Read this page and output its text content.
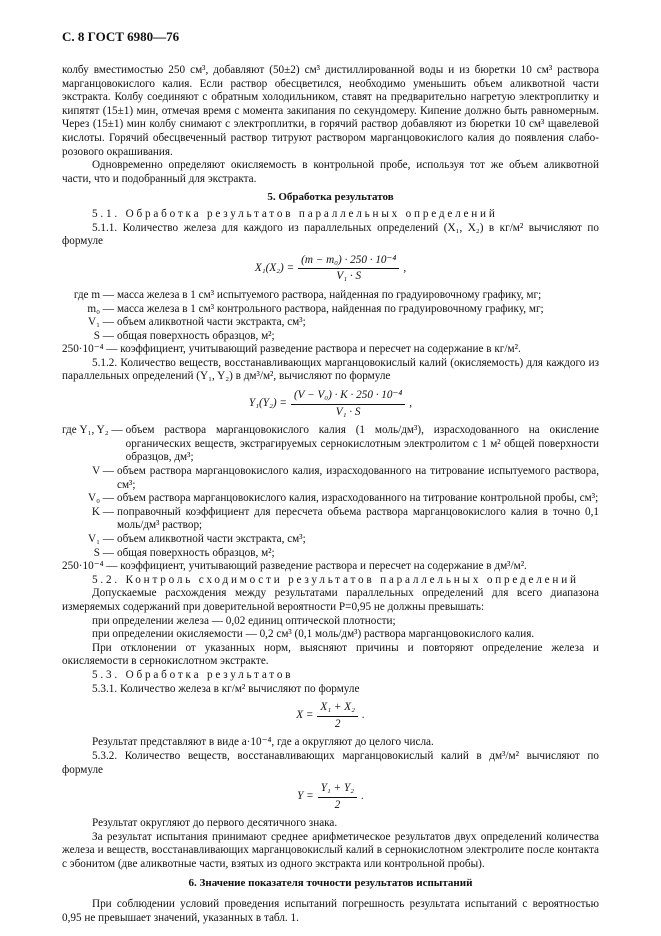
С. 8 ГОСТ 6980—76

колбу вместимостью 250 см³, добавляют (50±2) см³ дистиллированной воды и из бюретки 10 см³ раствора марганцовокислого калия. Если раствор обесцветился, необходимо уменьшить объем аликвотной части экстракта. Колбу соединяют с обратным холодильником, ставят на предварительно нагретую электроплитку и кипятят (15±1) мин, отмечая время с момента закипания по секундомеру. Кипение должно быть равномерным. Через (15±1) мин колбу снимают с электроплитки, в горячий раствор добавляют из бюретки 10 см³ щавелевой кислоты. Горячий обесцвеченный раствор титруют раствором марганцовокислого калия до появления слабо-розового окрашивания.

Одновременно определяют окисляемость в контрольной пробе, используя тот же объем аликвотной части, что и подобранный для экстракта.

5. Обработка результатов

5.1. Обработка результатов параллельных определений

5.1.1. Количество железа для каждого из параллельных определений (X₁, X₂) в кг/м² вычисляют по формуле

$X_1(X_2) = \frac{\text{(m − m₀) · 250 · 10⁻⁴}}{\text{V₁ · S}}$ ,
где m — масса железа в 1 см³ испытуемого раствора, найденная по градуировочному графику, мг;
m₀ — масса железа в 1 см³ контрольного раствора, найденная по градуировочному графику, мг;
V₁ — объем аликвотной части экстракта, см³;
S — общая поверхность образцов, м²;

250·10⁻⁴ — коэффициент, учитывающий разведение раствора и пересчет на содержание в кг/м².

5.1.2. Количество веществ, восстанавливающих марганцовокислый калий (окисляемость) для каждого из параллельных определений (Y₁, Y₂) в дм³/м², вычисляют по формуле

$Y_1(Y_2) = \frac{\text{(V − V₀) · K · 250 · 10⁻⁴}}{\text{V₁ · S}}$ ,
где Y₁, Y₂ — объем раствора марганцовокислого калия (1 моль/дм³), израсходованного на окисление органических веществ, экстрагируемых сернокислотным электролитом с 1 м² общей поверхности образцов, дм³;
V — объем раствора марганцовокислого калия, израсходованного на титрование испытуемого раствора, см³;
V₀ — объем раствора марганцовокислого калия, израсходованного на титрование контрольной пробы, см³;
K — поправочный коэффициент для пересчета объема раствора марганцовокислого калия в точно 0,1 моль/дм³ раствор;
V₁ — объем аликвотной части экстракта, см³;
S — общая поверхность образцов, м²;

250·10⁻⁴ — коэффициент, учитывающий разведение раствора и пересчет на содержание в дм³/м².

5.2. Контроль сходимости результатов параллельных определений

Допускаемые расхождения между результатами параллельных определений для всего диапазона измеряемых содержаний при доверительной вероятности P=0,95 не должны превышать:

при определении железа — 0,02 единиц оптической плотности;

при определении окисляемости — 0,2 см³ (0,1 моль/дм³) раствора марганцовокислого калия.

При отклонении от указанных норм, выясняют причины и повторяют определение железа и окисляемости в сернокислотном экстракте.

5.3. Обработка результатов

5.3.1. Количество железа в кг/м² вычисляют по формуле

$X = \frac{\text{X₁ + X₂}}{2}$ .

Результат представляют в виде a·10⁻⁴, где a округляют до целого числа.

5.3.2. Количество веществ, восстанавливающих марганцовокислый калий в дм³/м² вычисляют по формуле

$Y = \frac{\text{Y₁ + Y₂}}{2}$ .

Результат округляют до первого десятичного знака.

За результат испытания принимают среднее арифметическое результатов двух определений количества железа и веществ, восстанавливающих марганцовокислый калий в сернокислотном электролите после контакта с эбонитом (две аликвотные части, взятых из одного экстракта или контрольной пробы).

6. Значение показателя точности результатов испытаний

При соблюдении условий проведения испытаний погрешность результата испытаний с вероятностью 0,95 не превышает значений, указанных в табл. 1.
